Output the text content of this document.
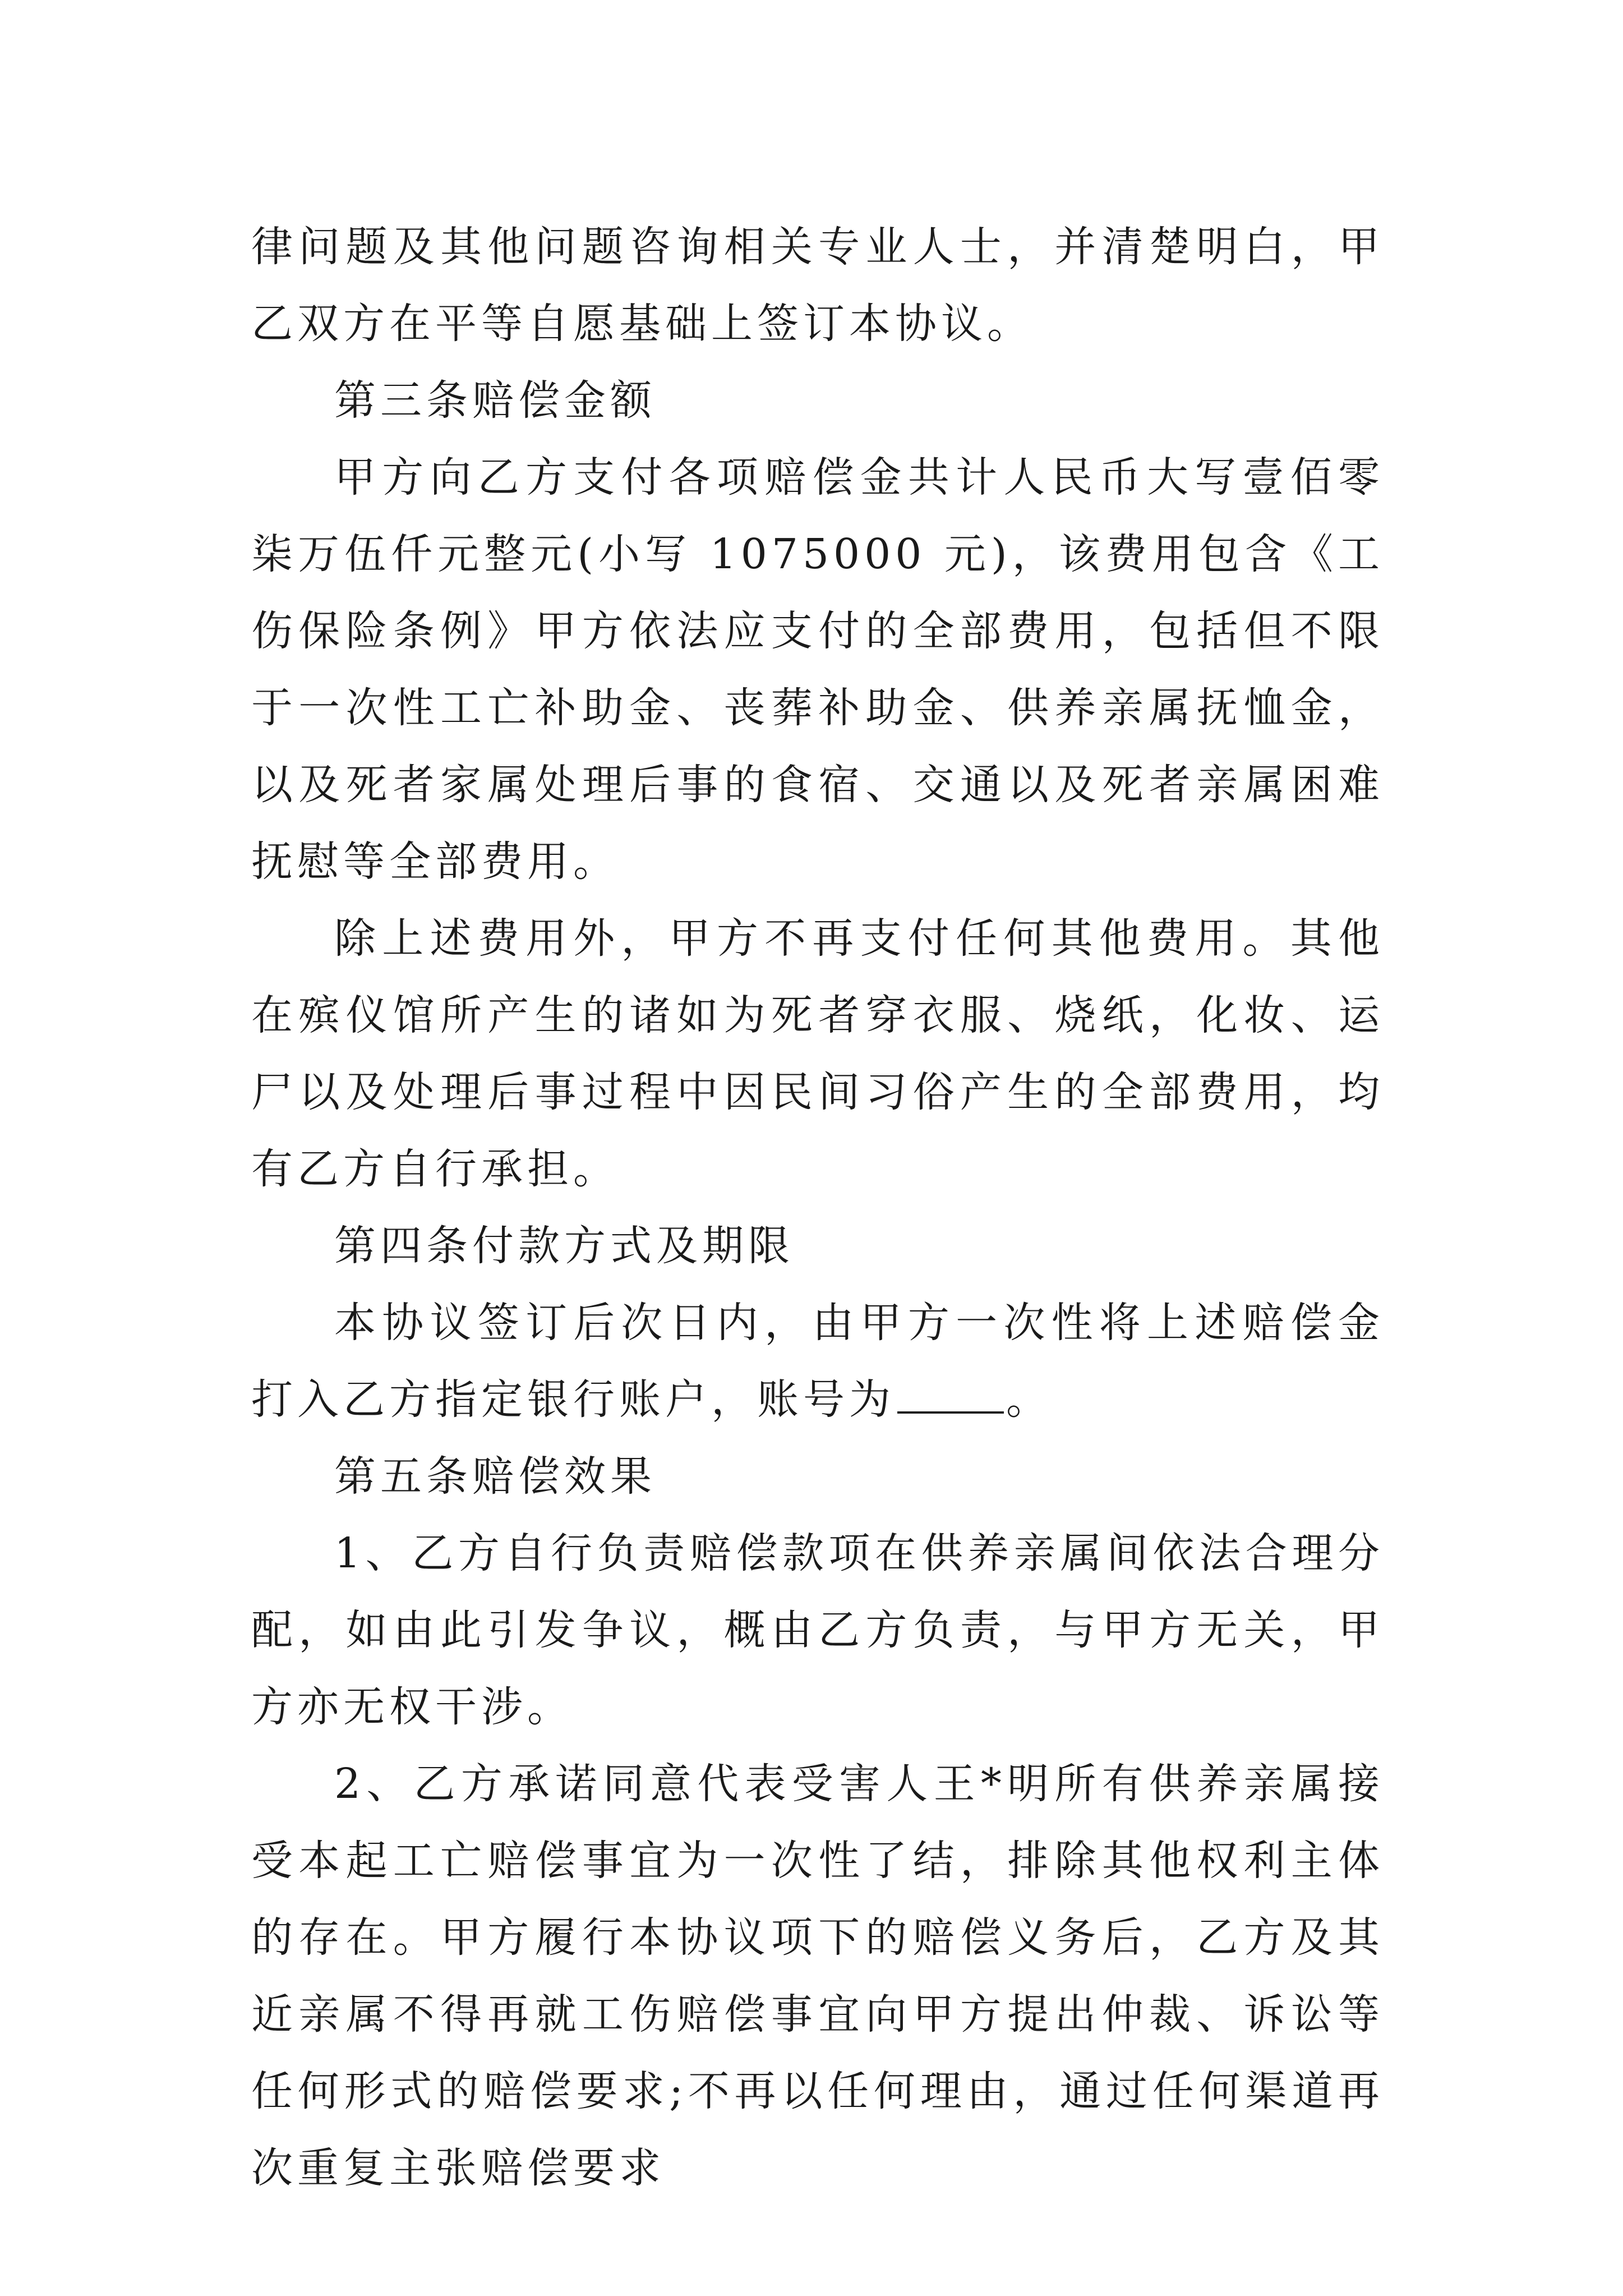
律问题及其他问题咨询相关专业人士，并清楚明白，甲乙双方在平等自愿基础上签订本协议。

第三条赔偿金额

甲方向乙方支付各项赔偿金共计人民币大写壹佰零柒万伍仟元整元(小写 1075000 元)，该费用包含《工伤保险条例》甲方依法应支付的全部费用，包括但不限于一次性工亡补助金、丧葬补助金、供养亲属抚恤金，以及死者家属处理后事的食宿、交通以及死者亲属困难抚慰等全部费用。

除上述费用外，甲方不再支付任何其他费用。其他在殡仪馆所产生的诸如为死者穿衣服、烧纸，化妆、运尸以及处理后事过程中因民间习俗产生的全部费用，均有乙方自行承担。

第四条付款方式及期限

本协议签订后次日内，由甲方一次性将上述赔偿金打入乙方指定银行账户，账号为	。

第五条赔偿效果

1、乙方自行负责赔偿款项在供养亲属间依法合理分配，如由此引发争议，概由乙方负责，与甲方无关，甲方亦无权干涉。

2、乙方承诺同意代表受害人王*明所有供养亲属接受本起工亡赔偿事宜为一次性了结，排除其他权利主体的存在。甲方履行本协议项下的赔偿义务后，乙方及其近亲属不得再就工伤赔偿事宜向甲方提出仲裁、诉讼等任何形式的赔偿要求;不再以任何理由，通过任何渠道再次重复主张赔偿要求
